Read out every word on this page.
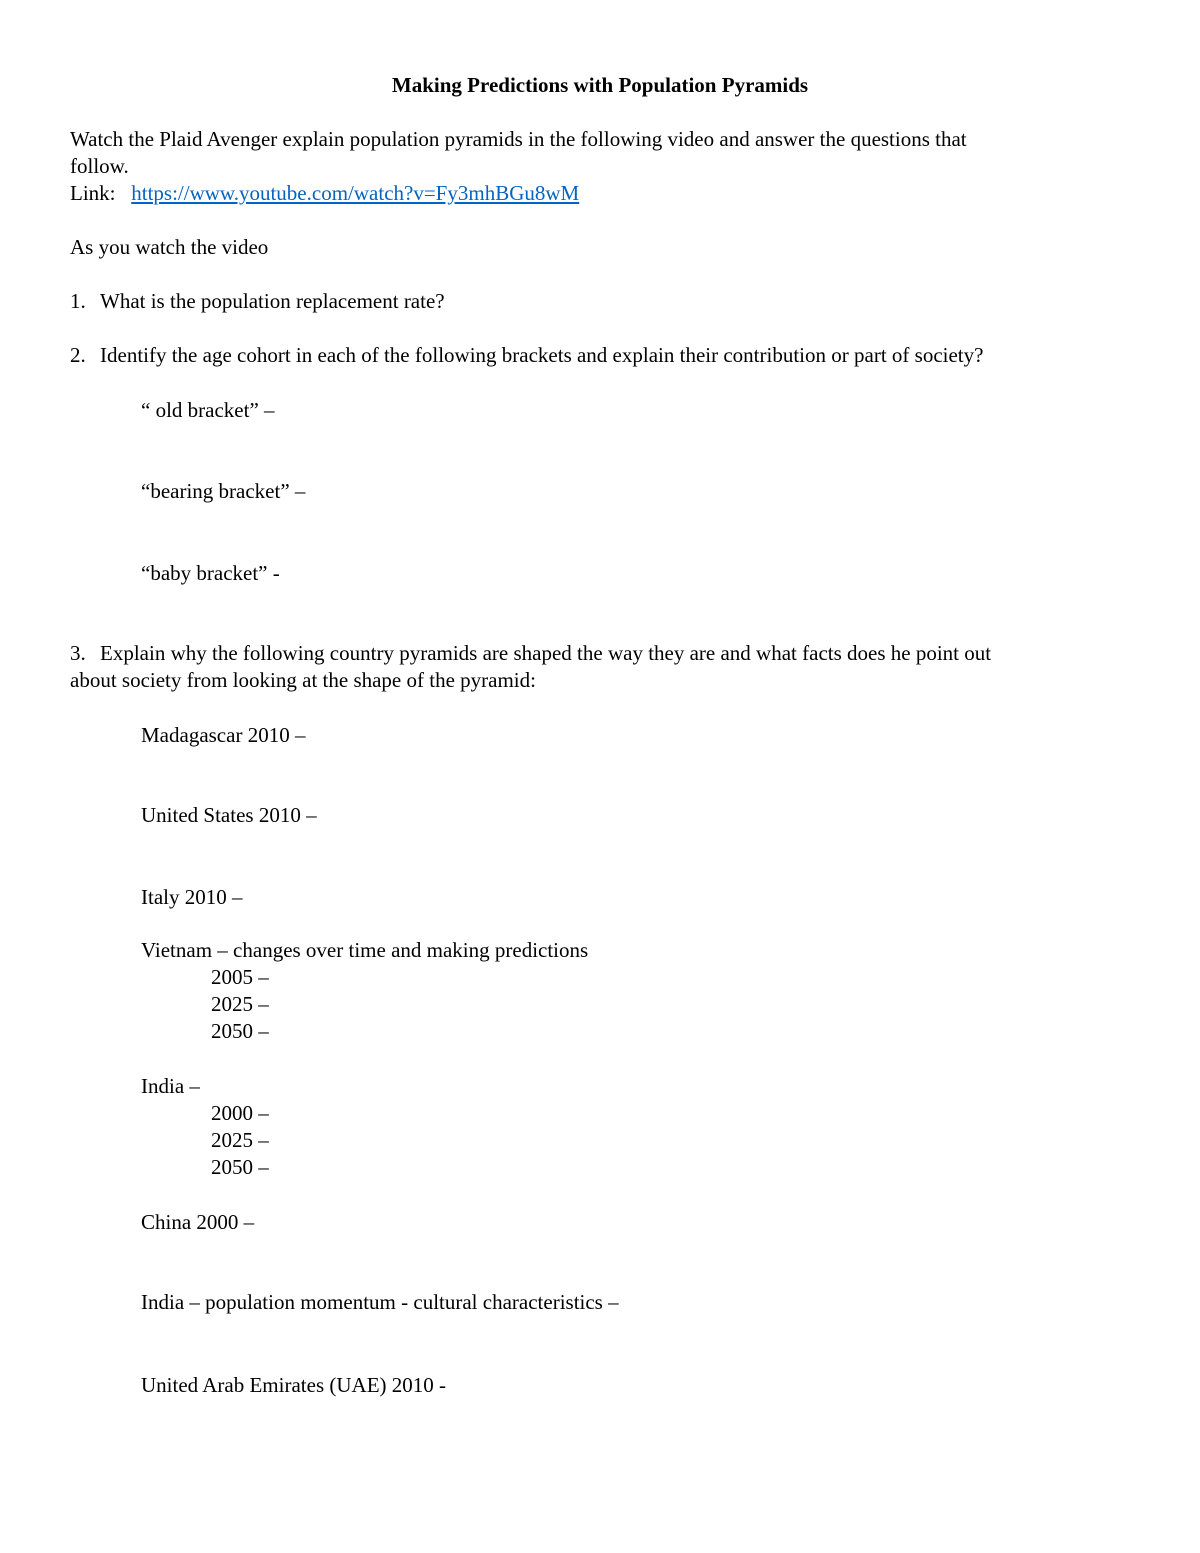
Making Predictions with Population Pyramids
Watch the Plaid Avenger explain population pyramids in the following video and answer the questions that
follow.
Link: https://www.youtube.com/watch?v=Fy3mhBGu8wM
As you watch the video
1. What is the population replacement rate?
2. Identify the age cohort in each of the following brackets and explain their contribution or part of society?
“ old bracket” –
“bearing bracket” –
“baby bracket” -
3. Explain why the following country pyramids are shaped the way they are and what facts does he point out
about society from looking at the shape of the pyramid:
Madagascar 2010 –
United States 2010 –
Italy 2010 –
Vietnam – changes over time and making predictions
2005 –
2025 –
2050 –
India –
2000 –
2025 –
2050 –
China 2000 –
India – population momentum - cultural characteristics –
United Arab Emirates (UAE) 2010 -
